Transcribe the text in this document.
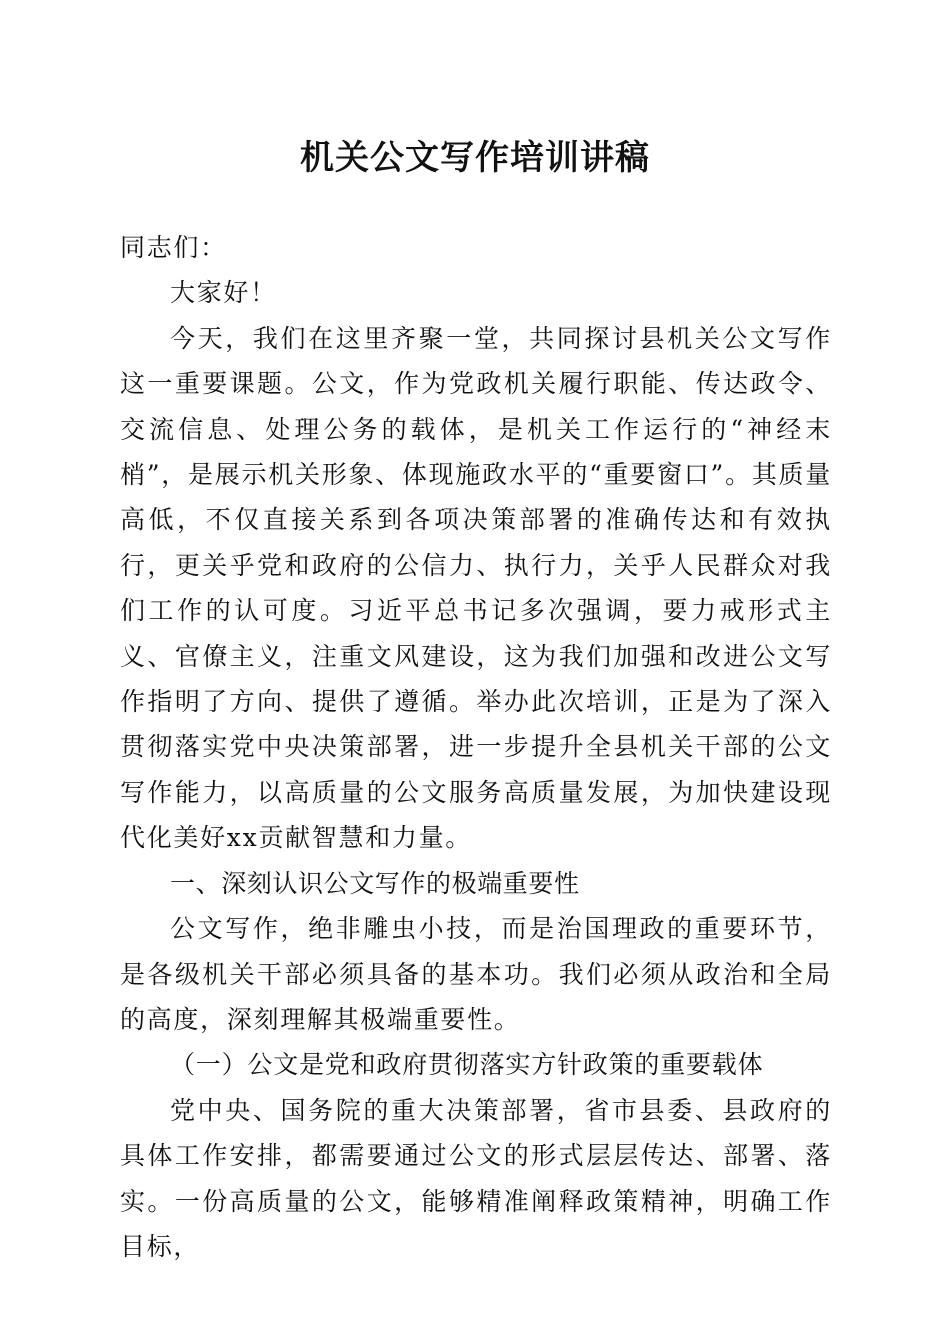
机关公文写作培训讲稿

同志们：

大家好！

今天，我们在这里齐聚一堂，共同探讨县机关公文写作这一重要课题。公文，作为党政机关履行职能、传达政令、交流信息、处理公务的载体，是机关工作运行的“神经末梢”，是展示机关形象、体现施政水平的“重要窗口”。其质量高低，不仅直接关系到各项决策部署的准确传达和有效执行，更关乎党和政府的公信力、执行力，关乎人民群众对我们工作的认可度。习近平总书记多次强调，要力戒形式主义、官僚主义，注重文风建设，这为我们加强和改进公文写作指明了方向、提供了遵循。举办此次培训，正是为了深入贯彻落实党中央决策部署，进一步提升全县机关干部的公文写作能力，以高质量的公文服务高质量发展，为加快建设现代化美好xx贡献智慧和力量。

一、深刻认识公文写作的极端重要性

公文写作，绝非雕虫小技，而是治国理政的重要环节，是各级机关干部必须具备的基本功。我们必须从政治和全局的高度，深刻理解其极端重要性。

（一）公文是党和政府贯彻落实方针政策的重要载体

党中央、国务院的重大决策部署，省市县委、县政府的具体工作安排，都需要通过公文的形式层层传达、部署、落实。一份高质量的公文，能够精准阐释政策精神，明确工作目标，
